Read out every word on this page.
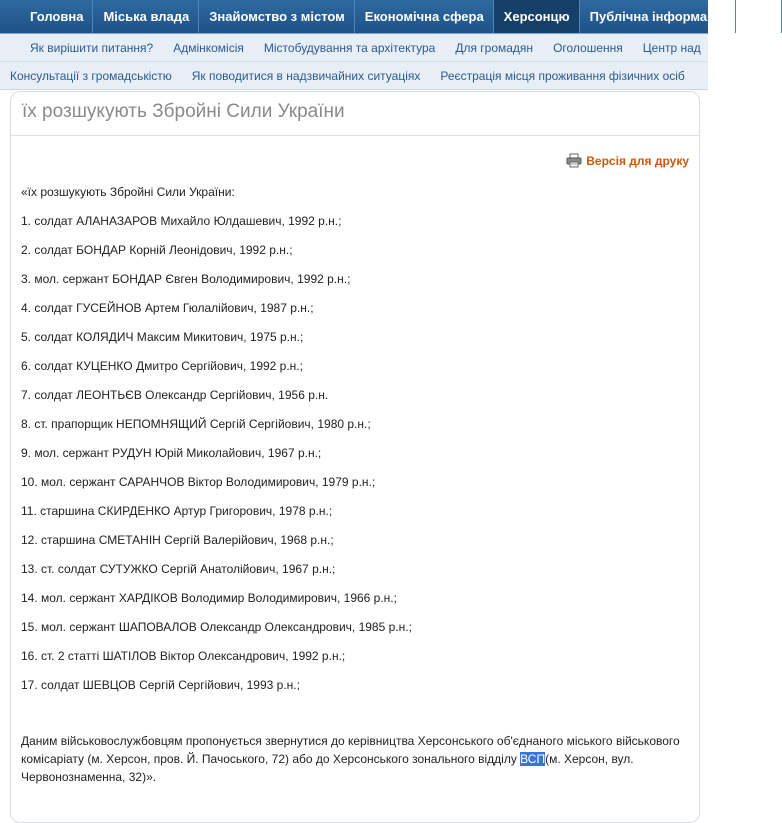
Головна	Міська влада	Знайомство з містом	Економічна сфера	Херсонцю	Публічна інформація	Нор
Як вирішити питання? Адмінкомісія Містобудування та архітектура Для громадян Оголошення Центр над
Консультації з громадськістю Як поводитися в надзвичайних ситуаціях Реєстрація місця проживання фізичних осіб
їх розшукують Збройні Сили України
Версія для друку

«їх розшукують Збройні Сили України:

1. солдат АЛАНАЗАРОВ Михайло Юлдашевич, 1992 р.н.;

2. солдат БОНДАР Корній Леонідович, 1992 р.н.;

3. мол. сержант БОНДАР Євген Володимирович, 1992 р.н.;

4. солдат ГУСЕЙНОВ Артем Гюлалійович, 1987 р.н.;

5. солдат КОЛЯДИЧ Максим Микитович, 1975 р.н.;

6. солдат КУЦЕНКО Дмитро Сергійович, 1992 р.н.;

7. солдат ЛЕОНТЬЄВ Олександр Сергійович, 1956 р.н.

8. ст. прапорщик НЕПОМНЯЩИЙ Сергій Сергійович, 1980 р.н.;

9. мол. сержант РУДУН Юрій Миколайович, 1967 р.н.;

10. мол. сержант САРАНЧОВ Віктор Володимирович, 1979 р.н.;

11. старшина СКИРДЕНКО Артур Григорович, 1978 р.н.;

12. старшина СМЕТАНІН Сергій Валерійович, 1968 р.н.;

13. ст. солдат СУТУЖКО Сергій Анатолійович, 1967 р.н.;

14. мол. сержант ХАРДІКОВ Володимир Володимирович, 1966 р.н.;

15. мол. сержант ШАПОВАЛОВ Олександр Олександрович, 1985 р.н.;

16. ст. 2 статті ШАТІЛОВ Віктор Олександрович, 1992 р.н.;

17. солдат ШЕВЦОВ Сергій Сергійович, 1993 р.н.;

Даним військовослужбовцям пропонується звернутися до керівництва Херсонського об'єднаного міського військового комісаріату (м. Херсон, пров. Й. Пачоського, 72) або до Херсонського зонального відділу ВСП(м. Херсон, вул. Червонознаменна, 32)».
